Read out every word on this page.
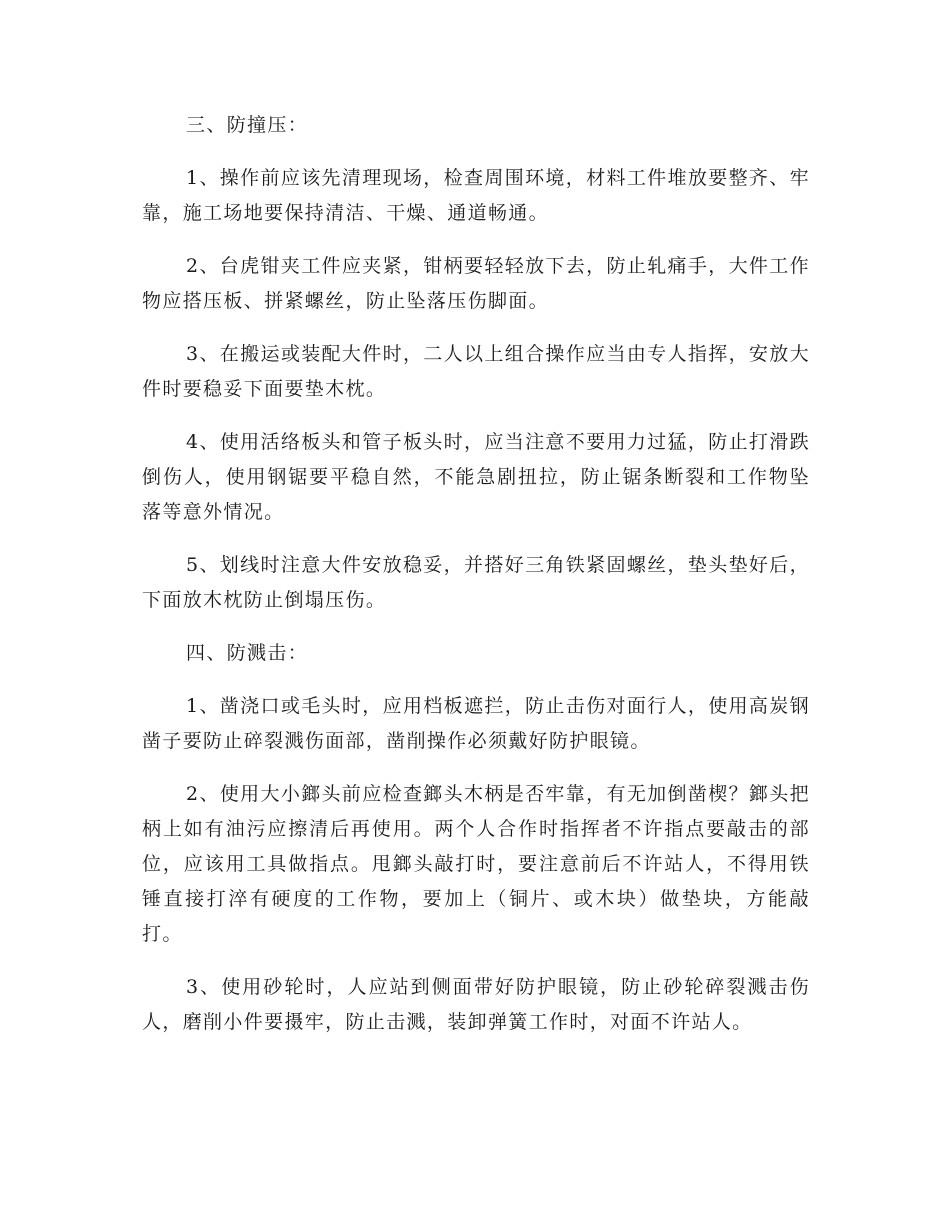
三、防撞压：

1、操作前应该先清理现场，检查周围环境，材料工件堆放要整齐、牢靠，施工场地要保持清洁、干燥、通道畅通。

2、台虎钳夹工件应夹紧，钳柄要轻轻放下去，防止轧痛手，大件工作物应搭压板、拼紧螺丝，防止坠落压伤脚面。

3、在搬运或装配大件时，二人以上组合操作应当由专人指挥，安放大件时要稳妥下面要垫木枕。

4、使用活络板头和管子板头时，应当注意不要用力过猛，防止打滑跌倒伤人，使用钢锯要平稳自然，不能急剧扭拉，防止锯条断裂和工作物坠落等意外情况。

5、划线时注意大件安放稳妥，并搭好三角铁紧固螺丝，垫头垫好后，下面放木枕防止倒塌压伤。

四、防溅击：

1、凿浇口或毛头时，应用档板遮拦，防止击伤对面行人，使用高炭钢凿子要防止碎裂溅伤面部，凿削操作必须戴好防护眼镜。

2、使用大小鎯头前应检查鎯头木柄是否牢靠，有无加倒凿楔？鎯头把柄上如有油污应擦清后再使用。两个人合作时指挥者不许指点要敲击的部位，应该用工具做指点。甩鎯头敲打时，要注意前后不许站人，不得用铁锤直接打淬有硬度的工作物，要加上（铜片、或木块）做垫块，方能敲打。

3、使用砂轮时，人应站到侧面带好防护眼镜，防止砂轮碎裂溅击伤人，磨削小件要摄牢，防止击溅，装卸弹簧工作时，对面不许站人。
